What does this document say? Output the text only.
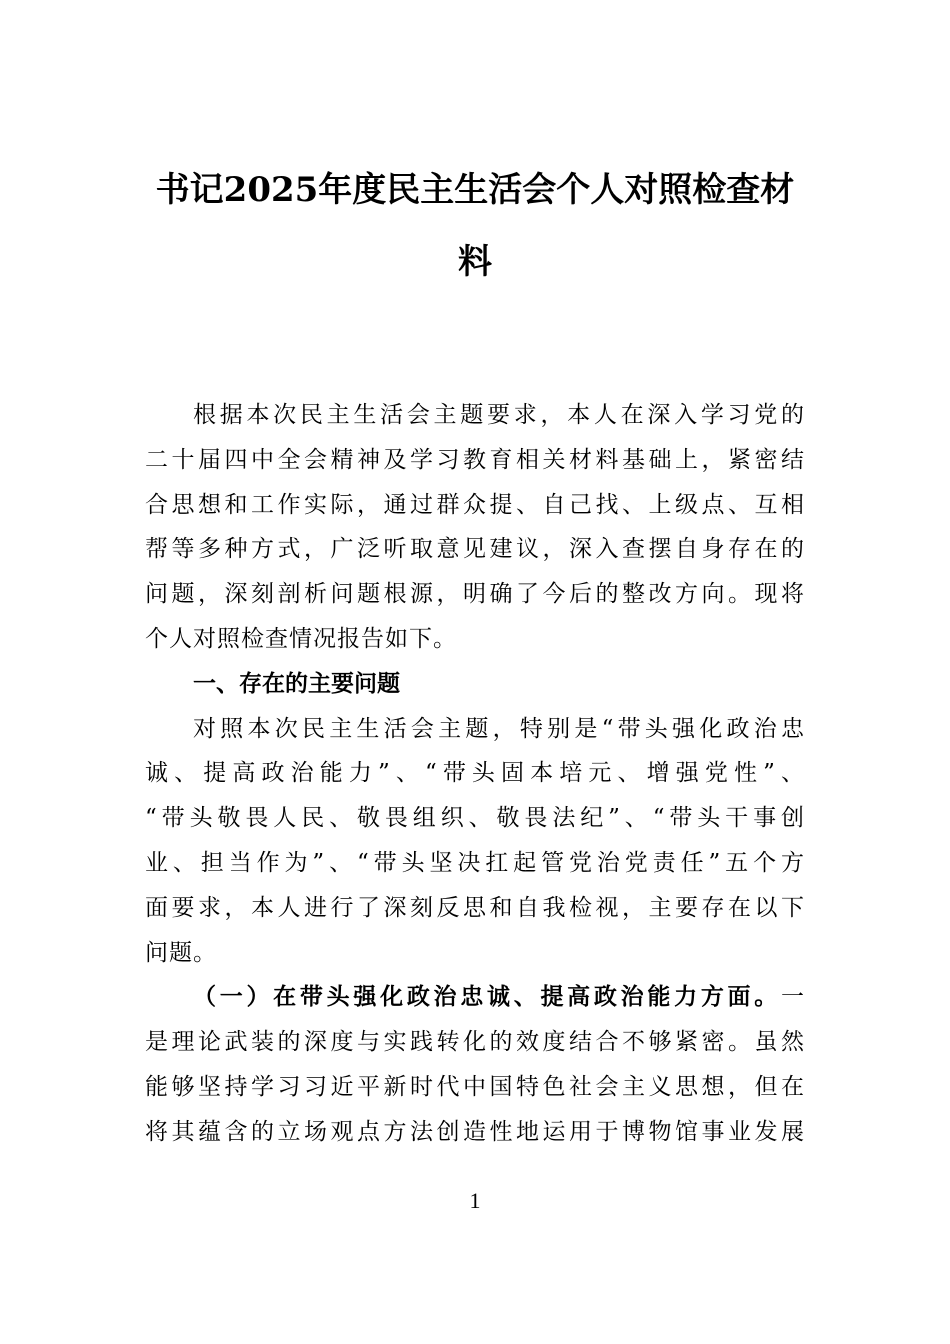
书记2025年度民主生活会个人对照检查材
料
根据本次民主生活会主题要求，本人在深入学习党的
二十届四中全会精神及学习教育相关材料基础上，紧密结
合思想和工作实际，通过群众提、自己找、上级点、互相
帮等多种方式，广泛听取意见建议，深入查摆自身存在的
问题，深刻剖析问题根源，明确了今后的整改方向。现将
个人对照检查情况报告如下。
一、存在的主要问题
对照本次民主生活会主题，特别是“带头强化政治忠
诚、提高政治能力”、“带头固本培元、增强党性”、
“带头敬畏人民、敬畏组织、敬畏法纪”、“带头干事创
业、担当作为”、“带头坚决扛起管党治党责任”五个方
面要求，本人进行了深刻反思和自我检视，主要存在以下
问题。
（一）在带头强化政治忠诚、提高政治能力方面。一
是理论武装的深度与实践转化的效度结合不够紧密。虽然
能够坚持学习习近平新时代中国特色社会主义思想，但在
将其蕴含的立场观点方法创造性地运用于博物馆事业发展
1
